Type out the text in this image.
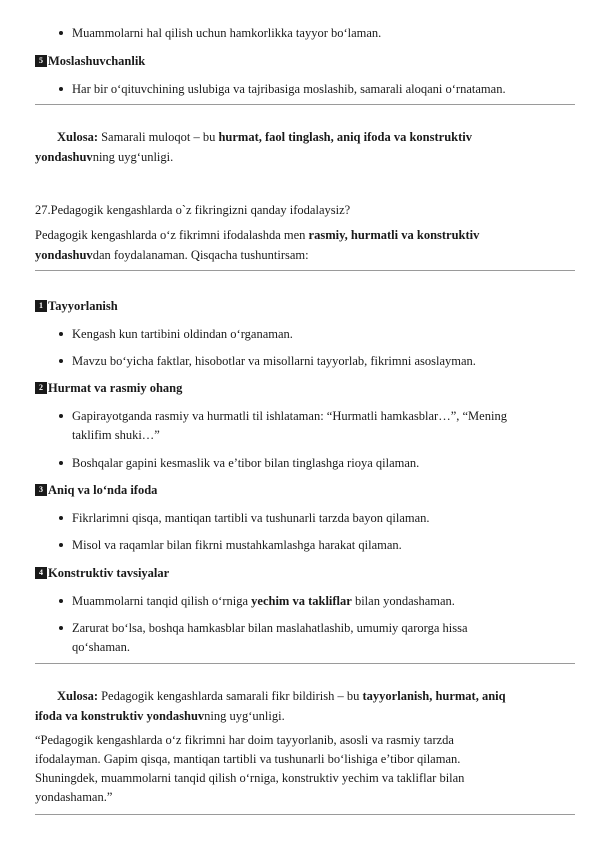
Muammolarni hal qilish uchun hamkorlikka tayyor bo‘laman.
5 Moslashuvchanlik
Har bir o‘qituvchining uslubiga va tajribasiga moslashib, samarali aloqani o‘rnataman.
Xulosa: Samarali muloqot – bu hurmat, faol tinglash, aniq ifoda va konstruktiv
yondashuvning uyg‘unligi.
27.Pedagogik kengashlarda o`z fikringizni qanday ifodalaysiz?
Pedagogik kengashlarda o‘z fikrimni ifodalashda men rasmiy, hurmatli va konstruktiv
yondashuvdan foydalanaman. Qisqacha tushuntirsam:
1 Tayyorlanish
Kengash kun tartibini oldindan o‘rganaman.
Mavzu bo‘yicha faktlar, hisobotlar va misollarni tayyorlab, fikrimni asoslayman.
2 Hurmat va rasmiy ohang
Gapirayotganda rasmiy va hurmatli til ishlataman: “Hurmatli hamkasblar…”, “Mening
taklifim shuki…”
Boshqalar gapini kesmaslik va e’tibor bilan tinglashga rioya qilaman.
3 Aniq va lo‘nda ifoda
Fikrlarimni qisqa, mantiqan tartibli va tushunarli tarzda bayon qilaman.
Misol va raqamlar bilan fikrni mustahkamlashga harakat qilaman.
4 Konstruktiv tavsiyalar
Muammolarni tanqid qilish o‘rniga yechim va takliflar bilan yondashaman.
Zarurat bo‘lsa, boshqa hamkasblar bilan maslahatlashib, umumiy qarorga hissa
qo‘shaman.
Xulosa: Pedagogik kengashlarda samarali fikr bildirish – bu tayyorlanish, hurmat, aniq
ifoda va konstruktiv yondashuvning uyg‘unligi.
“Pedagogik kengashlarda o‘z fikrimni har doim tayyorlanib, asosli va rasmiy tarzda
ifodalayman. Gapim qisqa, mantiqan tartibli va tushunarli bo‘lishiga e’tibor qilaman.
Shuningdek, muammolarni tanqid qilish o‘rniga, konstruktiv yechim va takliflar bilan
yondashaman.”
